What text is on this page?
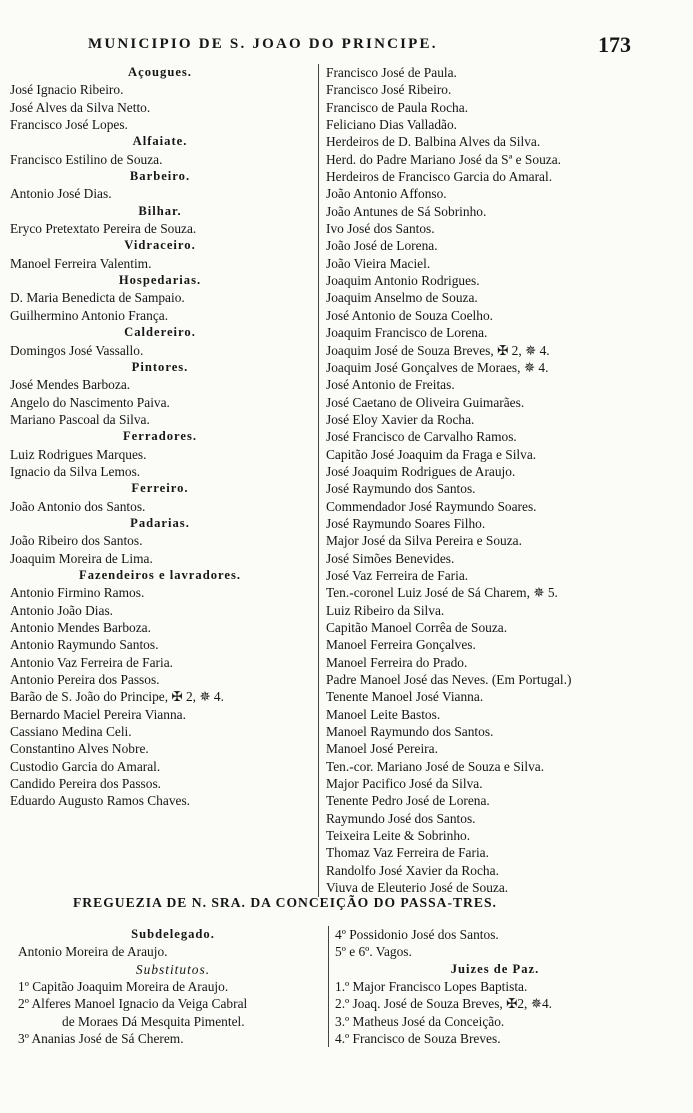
MUNICIPIO DE S. JOAO DO PRINCIPE.	173
Açougues.
José Ignacio Ribeiro.
José Alves da Silva Netto.
Francisco José Lopes.
Alfaiate.
Francisco Estilino de Souza.
Barbeiro.
Antonio José Dias.
Bilhar.
Eryco Pretextato Pereira de Souza.
Vidraceiro.
Manoel Ferreira Valentim.
Hospedarias.
D. Maria Benedicta de Sampaio.
Guilhermino Antonio França.
Caldereiro.
Domingos José Vassallo.
Pintores.
José Mendes Barboza.
Angelo do Nascimento Paiva.
Mariano Pascoal da Silva.
Ferradores.
Luiz Rodrigues Marques.
Ignacio da Silva Lemos.
Ferreiro.
João Antonio dos Santos.
Padarias.
João Ribeiro dos Santos.
Joaquim Moreira de Lima.
Fazendeiros e lavradores.
Antonio Firmino Ramos.
Antonio João Dias.
Antonio Mendes Barboza.
Antonio Raymundo Santos.
Antonio Vaz Ferreira de Faria.
Antonio Pereira dos Passos.
Barão de S. João do Principe, ✠ 2, ✵ 4.
Bernardo Maciel Pereira Vianna.
Cassiano Medina Celi.
Constantino Alves Nobre.
Custodio Garcia do Amaral.
Candido Pereira dos Passos.
Eduardo Augusto Ramos Chaves.
Francisco José de Paula.
Francisco José Ribeiro.
Francisco de Paula Rocha.
Feliciano Dias Valladão.
Herdeiros de D. Balbina Alves da Silva.
Herd. do Padre Mariano José da Sª e Souza.
Herdeiros de Francisco Garcia do Amaral.
João Antonio Affonso.
João Antunes de Sá Sobrinho.
Ivo José dos Santos.
João José de Lorena.
João Vieira Maciel.
Joaquim Antonio Rodrigues.
Joaquim Anselmo de Souza.
José Antonio de Souza Coelho.
Joaquim Francisco de Lorena.
Joaquim José de Souza Breves, ✠ 2, ✵ 4.
Joaquim José Gonçalves de Moraes, ✵ 4.
José Antonio de Freitas.
José Caetano de Oliveira Guimarães.
José Eloy Xavier da Rocha.
José Francisco de Carvalho Ramos.
Capitão José Joaquim da Fraga e Silva.
José Joaquim Rodrigues de Araujo.
José Raymundo dos Santos.
Commendador José Raymundo Soares.
José Raymundo Soares Filho.
Major José da Silva Pereira e Souza.
José Simões Benevides.
José Vaz Ferreira de Faria.
Ten.-coronel Luiz José de Sá Charem, ✵ 5.
Luiz Ribeiro da Silva.
Capitão Manoel Corrêa de Souza.
Manoel Ferreira Gonçalves.
Manoel Ferreira do Prado.
Padre Manoel José das Neves. (Em Portugal.)
Tenente Manoel José Vianna.
Manoel Leite Bastos.
Manoel Raymundo dos Santos.
Manoel José Pereira.
Ten.-cor. Mariano José de Souza e Silva.
Major Pacifico José da Silva.
Tenente Pedro José de Lorena.
Raymundo José dos Santos.
Teixeira Leite & Sobrinho.
Thomaz Vaz Ferreira de Faria.
Randolfo José Xavier da Rocha.
Viuva de Eleuterio José de Souza.
FREGUEZIA DE N. SRA. DA CONCEIÇÃO DO PASSA-TRES.
Subdelegado.
Antonio Moreira de Araujo.
Substitutos.
1º Capitão Joaquim Moreira de Araujo.
2º Alferes Manoel Ignacio da Veiga Cabral
de Moraes Dá Mesquita Pimentel.
3º Ananias José de Sá Cherem.
4º Possidonio José dos Santos.
5º e 6º. Vagos.
Juizes de Paz.
1.º Major Francisco Lopes Baptista.
2.º Joaq. José de Souza Breves, ✠2, ✵4.
3.º Matheus José da Conceição.
4.º Francisco de Souza Breves.
